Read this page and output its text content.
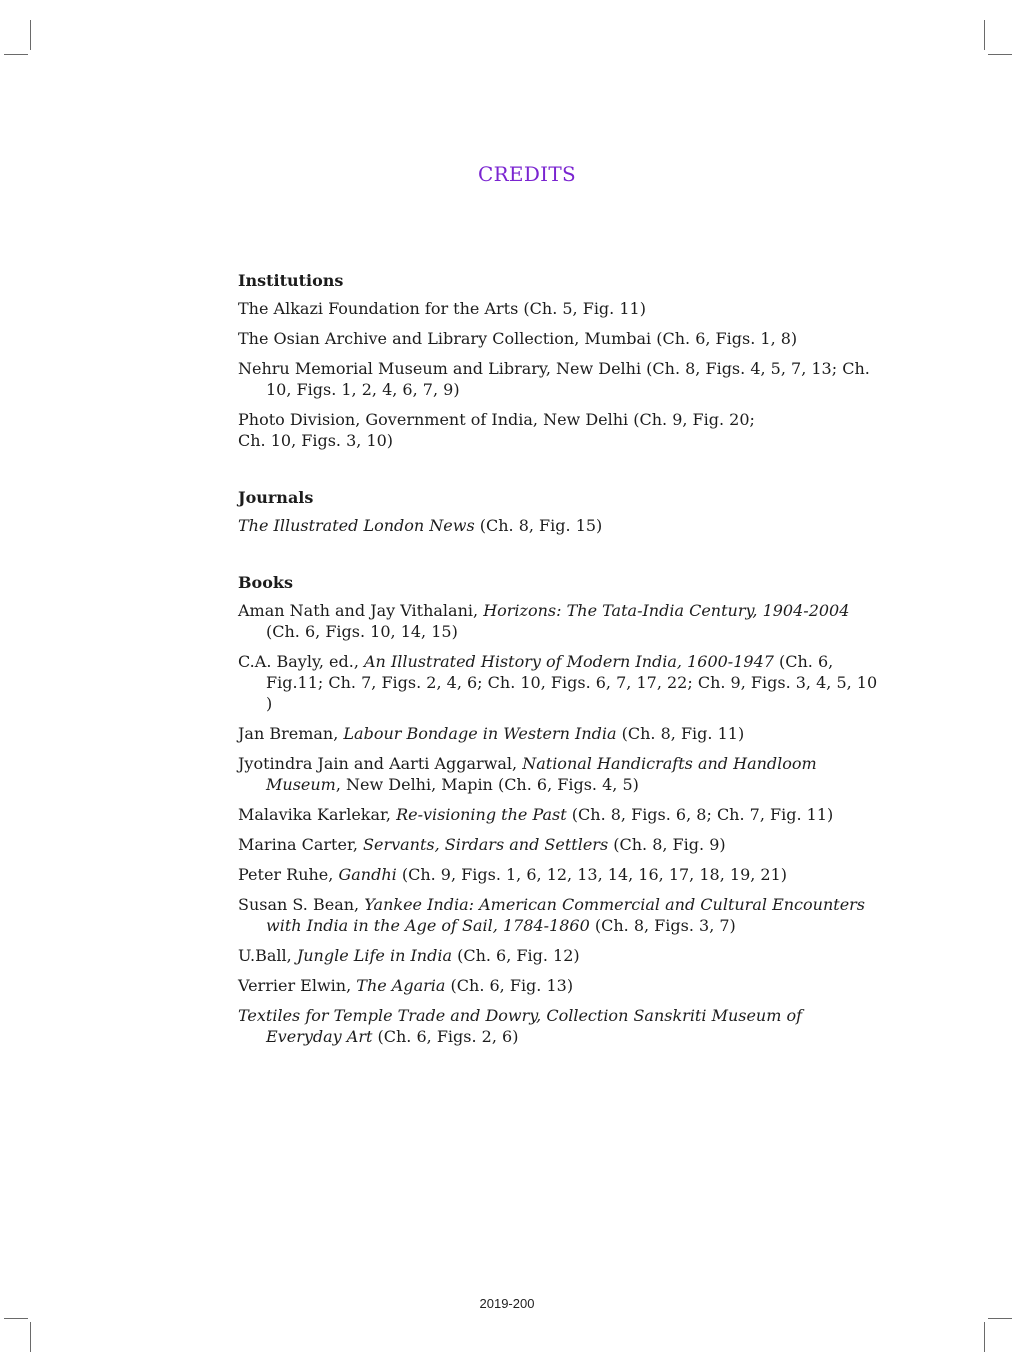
CREDITS
Institutions
The Alkazi Foundation for the Arts (Ch. 5, Fig. 11)
The Osian Archive and Library Collection, Mumbai (Ch. 6, Figs. 1, 8)
Nehru Memorial Museum and Library, New Delhi (Ch. 8, Figs. 4, 5, 7, 13; Ch. 10, Figs. 1, 2, 4, 6, 7, 9)
Photo Division, Government of India, New Delhi (Ch. 9, Fig. 20;
Ch. 10, Figs. 3, 10)
Journals
The Illustrated London News (Ch. 8, Fig. 15)
Books
Aman Nath and Jay Vithalani, Horizons: The Tata-India Century, 1904-2004 (Ch. 6, Figs. 10, 14, 15)
C.A. Bayly, ed., An Illustrated History of Modern India, 1600-1947 (Ch. 6, Fig.11; Ch. 7, Figs. 2, 4, 6; Ch. 10, Figs. 6, 7, 17, 22; Ch. 9, Figs. 3, 4, 5, 10 )
Jan Breman, Labour Bondage in Western India (Ch. 8, Fig. 11)
Jyotindra Jain and Aarti Aggarwal, National Handicrafts and Handloom Museum, New Delhi, Mapin (Ch. 6, Figs. 4, 5)
Malavika Karlekar, Re-visioning the Past (Ch. 8, Figs. 6, 8; Ch. 7, Fig. 11)
Marina Carter, Servants, Sirdars and Settlers (Ch. 8, Fig. 9)
Peter Ruhe, Gandhi (Ch. 9, Figs. 1, 6, 12, 13, 14, 16, 17, 18, 19, 21)
Susan S. Bean, Yankee India: American Commercial and Cultural Encounters with India in the Age of Sail, 1784-1860 (Ch. 8, Figs. 3, 7)
U.Ball, Jungle Life in India (Ch. 6, Fig. 12)
Verrier Elwin, The Agaria (Ch. 6, Fig. 13)
Textiles for Temple Trade and Dowry, Collection Sanskriti Museum of Everyday Art (Ch. 6, Figs. 2, 6)
2019-200
